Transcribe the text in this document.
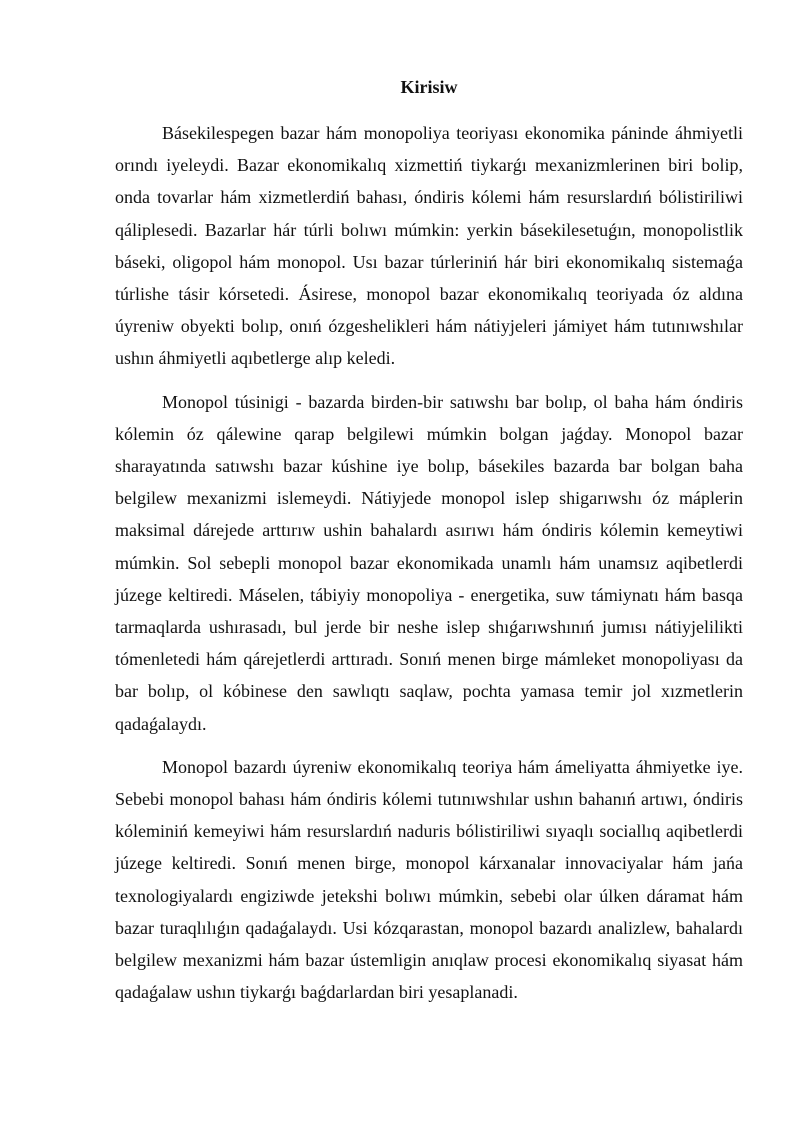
Kirisiw

Básekilespegen bazar hám monopoliya teoriyası ekonomika páninde áhmiyetli orındı iyeleydi. Bazar ekonomikalıq xizmettiń tiykarǵı mexanizmlerinen biri bolip, onda tovarlar hám xizmetlerdiń bahası, óndiris kólemi hám resurslardıń bólistiriliwi qáliplesedi. Bazarlar hár túrli bolıwı múmkin: yerkin básekilesetuǵın, monopolistlik báseki, oligopol hám monopol. Usı bazar túrleriniń hár biri ekonomikalıq sistemaǵa túrlishe tásir kórsetedi. Ásirese, monopol bazar ekonomikalıq teoriyada óz aldına úyreniw obyekti bolıp, onıń ózgeshelikleri hám nátiyjeleri jámiyet hám tutınıwshılar ushın áhmiyetli aqıbetlerge alıp keledi.

Monopol túsinigi - bazarda birden-bir satıwshı bar bolıp, ol baha hám óndiris kólemin óz qálewine qarap belgilewi múmkin bolgan jaǵday. Monopol bazar sharayatında satıwshı bazar kúshine iye bolıp, básekiles bazarda bar bolgan baha belgilew mexanizmi islemeydi. Nátiyjede monopol islep shigarıwshı óz máplerin maksimal dárejede arttırıw ushin bahalardı asırıwı hám óndiris kólemin kemeytiwi múmkin. Sol sebepli monopol bazar ekonomikada unamlı hám unamsız aqibetlerdi júzege keltiredi. Máselen, tábiyiy monopoliya - energetika, suw támiynatı hám basqa tarmaqlarda ushırasadı, bul jerde bir neshe islep shıǵarıwshınıń jumısı nátiyjelilikti tómenletedi hám qárejetlerdi arttıradı. Sonıń menen birge mámleket monopoliyası da bar bolıp, ol kóbinese den sawlıqtı saqlaw, pochta yamasa temir jol xızmetlerin qadaǵalaydı.

Monopol bazardı úyreniw ekonomikalıq teoriya hám ámeliyatta áhmiyetke iye. Sebebi monopol bahası hám óndiris kólemi tutınıwshılar ushın bahanıń artıwı, óndiris kóleminiń kemeyiwi hám resurslardıń naduris bólistiriliwi sıyaqlı sociallıq aqibetlerdi júzege keltiredi. Sonıń menen birge, monopol kárxanalar innovaciyalar hám jańa texnologiyalardı engiziwde jetekshi bolıwı múmkin, sebebi olar úlken dáramat hám bazar turaqlılıǵın qadaǵalaydı. Usi kózqarastan, monopol bazardı analizlew, bahalardı belgilew mexanizmi hám bazar ústemligin anıqlaw procesi ekonomikalıq siyasat hám qadaǵalaw ushın tiykarǵı baǵdarlardan biri yesaplanadi.
